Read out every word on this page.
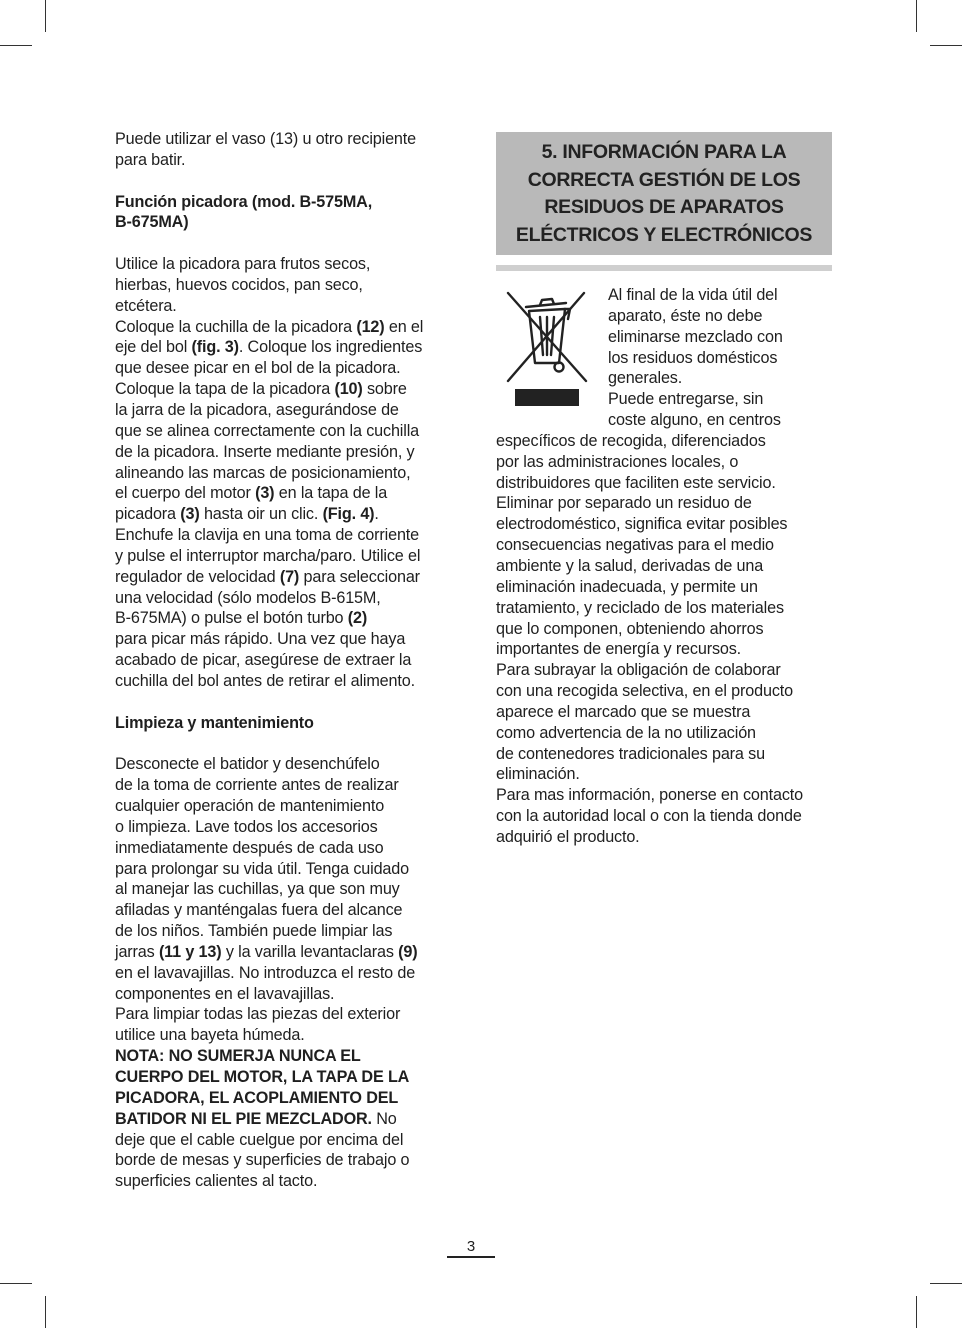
Puede utilizar el vaso (13) u otro recipiente
para batir.

Función picadora (mod. B-575MA,
B-675MA)

Utilice la picadora para frutos secos,
hierbas, huevos cocidos, pan seco,
etcétera.

Coloque la cuchilla de la picadora (12) en el
eje del bol (fig. 3). Coloque los ingredientes
que desee picar en el bol de la picadora.
Coloque la tapa de la picadora (10) sobre
la jarra de la picadora, asegurándose de
que se alinea correctamente con la cuchilla
de la picadora. Inserte mediante presión, y
alineando las marcas de posicionamiento,
el cuerpo del motor (3) en la tapa de la
picadora (3) hasta oir un clic. (Fig. 4).
Enchufe la clavija en una toma de corriente
y pulse el interruptor marcha/paro. Utilice el
regulador de velocidad (7) para seleccionar
una velocidad (sólo modelos B-615M,
B-675MA) o pulse el botón turbo (2)
para picar más rápido. Una vez que haya
acabado de picar, asegúrese de extraer la
cuchilla del bol antes de retirar el alimento.

Limpieza y mantenimiento

Desconecte el batidor y desenchúfelo
de la toma de corriente antes de realizar
cualquier operación de mantenimiento
o limpieza. Lave todos los accesorios
inmediatamente después de cada uso
para prolongar su vida útil. Tenga cuidado
al manejar las cuchillas, ya que son muy
afiladas y manténgalas fuera del alcance
de los niños. También puede limpiar las
jarras (11 y 13) y la varilla levantaclaras (9)
en el lavavajillas. No introduzca el resto de
componentes en el lavavajillas.
Para limpiar todas las piezas del exterior
utilice una bayeta húmeda.

NOTA: NO SUMERJA NUNCA EL
CUERPO DEL MOTOR, LA TAPA DE LA
PICADORA, EL ACOPLAMIENTO DEL
BATIDOR NI EL PIE MEZCLADOR. No
deje que el cable cuelgue por encima del
borde de mesas y superficies de trabajo o
superficies calientes al tacto.

5. INFORMACIÓN PARA LA
CORRECTA GESTIÓN DE LOS
RESIDUOS DE APARATOS
ELÉCTRICOS Y ELECTRÓNICOS
Al final de la vida útil del
aparato, éste no debe
eliminarse mezclado con
los residuos domésticos
generales.
Puede entregarse, sin
coste alguno, en centros
específicos de recogida, diferenciados
por las administraciones locales, o
distribuidores que faciliten este servicio.
Eliminar por separado un residuo de
electrodoméstico, significa evitar posibles
consecuencias negativas para el medio
ambiente y la salud, derivadas de una
eliminación inadecuada, y permite un
tratamiento, y reciclado de los materiales
que lo componen, obteniendo ahorros
importantes de energía y recursos.
Para subrayar la obligación de colaborar
con una recogida selectiva, en el producto
aparece el marcado que se muestra
como advertencia de la no utilización
de contenedores tradicionales para su
eliminación.
Para mas información, ponerse en contacto
con la autoridad local o con la tienda donde
adquirió el producto.
3
